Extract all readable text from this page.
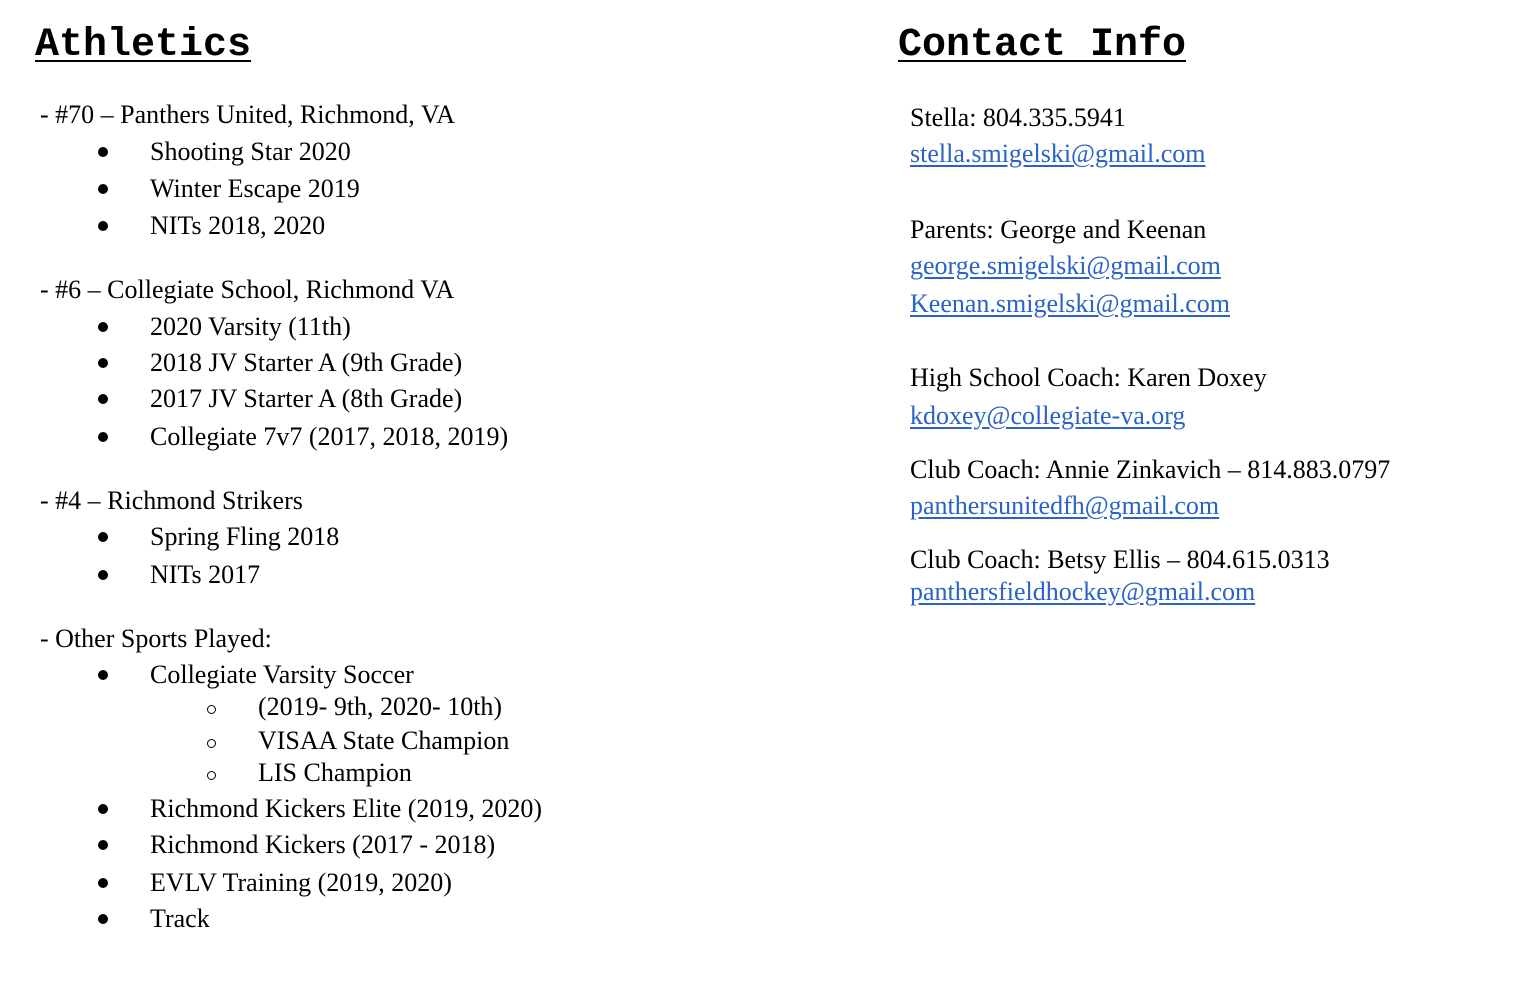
Athletics
- #70 – Panthers United, Richmond, VA
Shooting Star 2020
Winter Escape 2019
NITs 2018, 2020
- #6 – Collegiate School, Richmond VA
2020 Varsity (11th)
2018 JV Starter A (9th Grade)
2017 JV Starter A (8th Grade)
Collegiate 7v7 (2017, 2018, 2019)
- #4 – Richmond Strikers
Spring Fling 2018
NITs 2017
- Other Sports Played:
Collegiate Varsity Soccer
(2019- 9th, 2020- 10th)
VISAA State Champion
LIS Champion
Richmond Kickers Elite (2019, 2020)
Richmond Kickers (2017 - 2018)
EVLV Training (2019, 2020)
Track
Contact Info
Stella: 804.335.5941
stella.smigelski@gmail.com
Parents: George and Keenan
george.smigelski@gmail.com
Keenan.smigelski@gmail.com
High School Coach: Karen Doxey
kdoxey@collegiate-va.org
Club Coach: Annie Zinkavich – 814.883.0797
panthersunitedfh@gmail.com
Club Coach: Betsy Ellis – 804.615.0313
panthersfieldhockey@gmail.com
